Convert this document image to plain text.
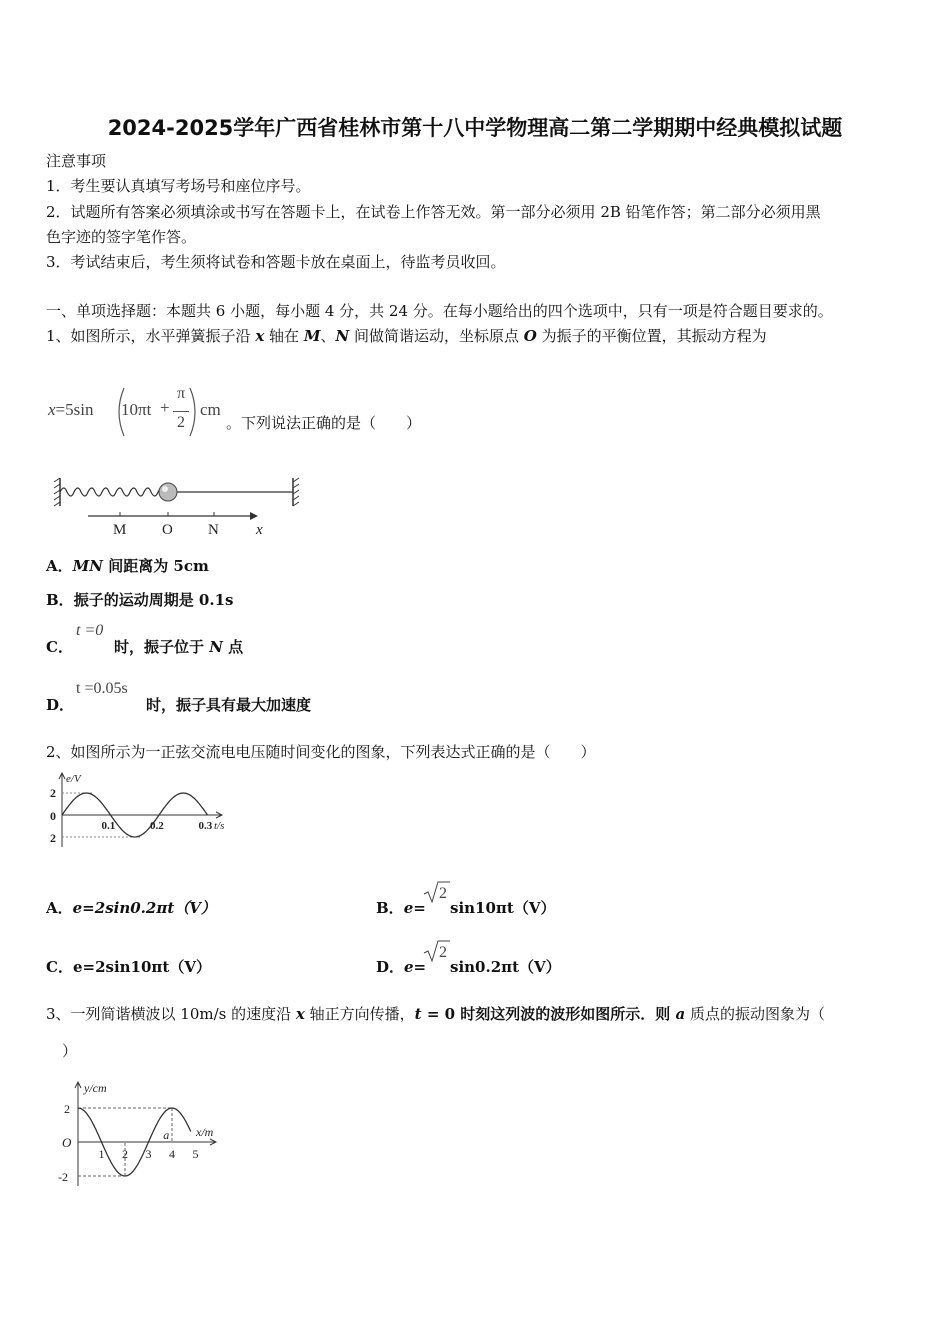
2024-2025学年广西省桂林市第十八中学物理高二第二学期期中经典模拟试题
注意事项
1．考生要认真填写考场号和座位序号。
2．试题所有答案必须填涂或书写在答题卡上，在试卷上作答无效。第一部分必须用 2B 铅笔作答；第二部分必须用黑
色字迹的签字笔作答。
3．考试结束后，考生须将试卷和答题卡放在桌面上，待监考员收回。
一、单项选择题：本题共 6 小题，每小题 4 分，共 24 分。在每小题给出的四个选项中，只有一项是符合题目要求的。
1、如图所示，水平弹簧振子沿 x 轴在 M、N 间做简谐运动，坐标原点 O 为振子的平衡位置，其振动方程为
x=5sin 10πt +
π
2
cm
。下列说法正确的是（　　）
M O N x
A．MN 间距离为 5cm
B．振子的运动周期是 0.1s
C．
t =0
时，振子位于 N 点
D．
t =0.05s
时，振子具有最大加速度
2、如图所示为一正弦交流电电压随时间变化的图象，下列表达式正确的是（　　）
e/V
t/s
2
0
2
0.1	0.2	0.3
A．e=2sin0.2πt（V）	B．e=
2
sin10πt（V）
C．e=2sin10πt（V）	D．e=
2
sin0.2πt（V）
3、一列简谐横波以 10m/s 的速度沿 x 轴正方向传播，t = 0 时刻这列波的波形如图所示．则 a 质点的振动图象为（
）
y/cm
x/m
2
O
-2
1 2 3 4 5
a
